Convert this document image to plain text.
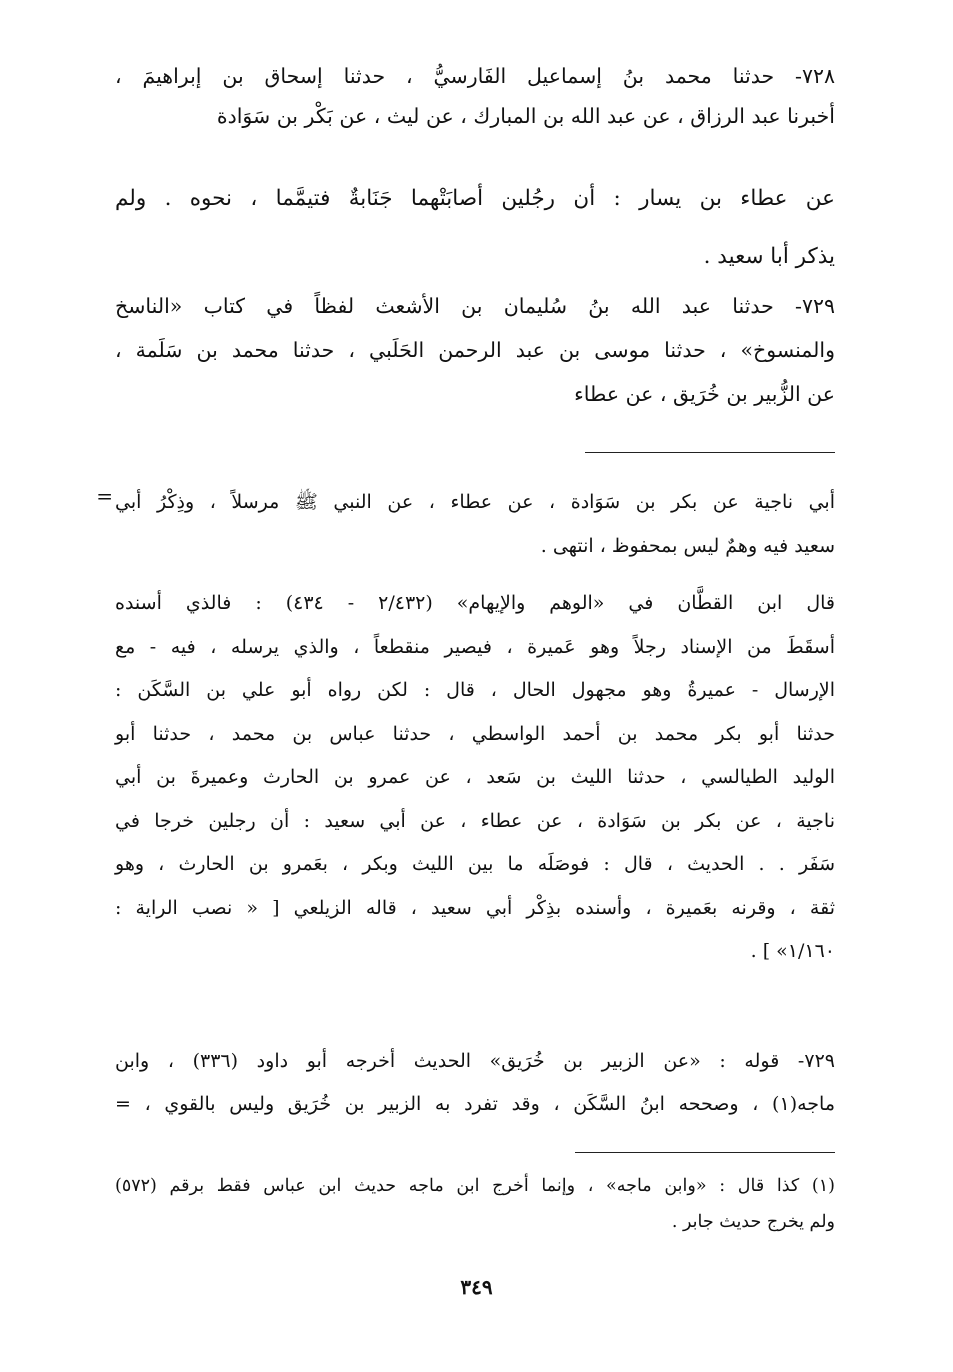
٧٢٨- حدثنا محمد بنُ إسماعيل الفَارسيُّ ، حدثنا إسحاق بن إبراهيمَ ،
أخبرنا عبد الرزاق ، عن عبد الله بن المبارك ، عن ليث ، عن بَكْر بن سَوَادة
عن عطاء بن يسار : أن رجُلين أصابَتْهما جَنَابةٌ فتيمَّما ، نحوه . ولم
يذكر أبا سعيد .
٧٢٩- حدثنا عبد الله بنُ سُليمان بن الأشعث لفظاً في كتاب «الناسخ
والمنسوخ» ، حدثنا موسى بن عبد الرحمن الحَلَبي ، حدثنا محمد بن سَلَمة ،
عن الزُّبير بن خُرَيق ، عن عطاء
= أبي ناجية عن بكر بن سَوَادة ، عن عطاء ، عن النبي ﷺ مرسلاً ، وذِكْرُ أبي
سعيد فيه وهمٌ ليس بمحفوظ ، انتهى .
قال ابن القطَّان في «الوهم والإيهام» (٢/٤٣٢ - ٤٣٤) : فالذي أسنده
أسقَطَ من الإسناد رجلاً وهو عَميرة ، فيصير منقطعاً ، والذي يرسله ، فيه - مع
الإرسال - عميرةُ وهو مجهول الحال ، قال : لكن رواه أبو علي بن السَّكَن :
حدثنا أبو بكر محمد بن أحمد الواسطي ، حدثنا عباس بن محمد ، حدثنا أبو
الوليد الطيالسي ، حدثنا الليث بن سَعد ، عن عمرو بن الحارث وعميرةَ بن أبي
ناجية ، عن بكر بن سَوَادة ، عن عطاء ، عن أبي سعيد : أن رجلين خرجا في
سَفَر . . الحديث ، قال : فوصَلَه ما بين الليث وبكر ، بعَمرو بن الحارث ، وهو
ثقة ، وقرنه بعَميرة ، وأسنده بذِكْر أبي سعيد ، قاله الزيلعي [ « نصب الراية :
١/١٦٠» ] .
٧٢٩- قوله : «عن الزبير بن خُرَيق» الحديث أخرجه أبو داود (٣٣٦) ، وابن
ماجه(١) ، وصححه ابنُ السَّكَن ، وقد تفرد به الزبير بن خُرَيق وليس بالقوي ، =
(١) كذا قال : «وابن ماجه» ، وإنما أخرج ابن ماجه حديث ابن عباس فقط برقم (٥٧٢)
ولم يخرج حديث جابر .
٣٤٩
